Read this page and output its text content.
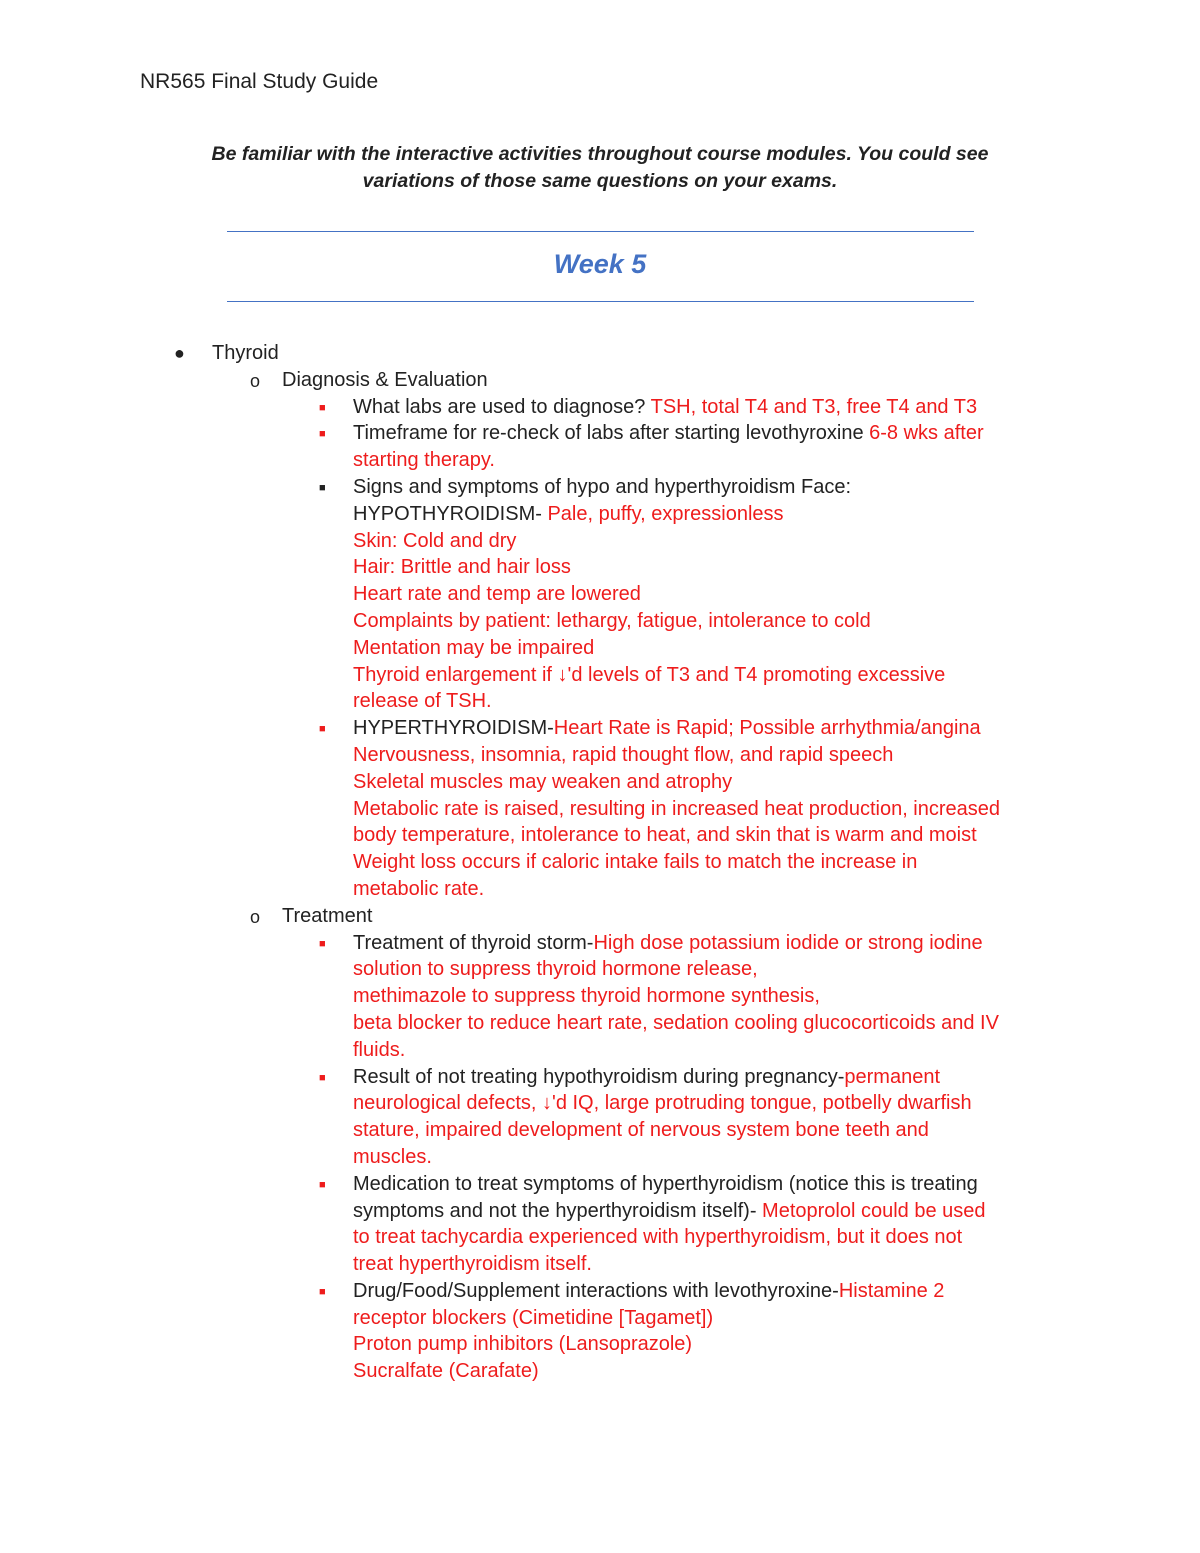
NR565 Final Study Guide
Be familiar with the interactive activities throughout course modules. You could see
variations of those same questions on your exams.
Week 5
● Thyroid
o Diagnosis & Evaluation
■ What labs are used to diagnose? TSH, total T4 and T3, free T4 and T3
■ Timeframe for re-check of labs after starting levothyroxine 6-8 wks after
starting therapy.
■ Signs and symptoms of hypo and hyperthyroidism Face:
HYPOTHYROIDISM- Pale, puffy, expressionless
Skin: Cold and dry
Hair: Brittle and hair loss
Heart rate and temp are lowered
Complaints by patient: lethargy, fatigue, intolerance to cold
Mentation may be impaired
Thyroid enlargement if ↓'d levels of T3 and T4 promoting excessive
release of TSH.
■ HYPERTHYROIDISM-Heart Rate is Rapid; Possible arrhythmia/angina
Nervousness, insomnia, rapid thought flow, and rapid speech
Skeletal muscles may weaken and atrophy
Metabolic rate is raised, resulting in increased heat production, increased
body temperature, intolerance to heat, and skin that is warm and moist
Weight loss occurs if caloric intake fails to match the increase in
metabolic rate.
o Treatment
■ Treatment of thyroid storm-High dose potassium iodide or strong iodine
solution to suppress thyroid hormone release,
methimazole to suppress thyroid hormone synthesis,
beta blocker to reduce heart rate, sedation cooling glucocorticoids and IV
fluids.
■ Result of not treating hypothyroidism during pregnancy-permanent
neurological defects, ↓'d IQ, large protruding tongue, potbelly dwarfish
stature, impaired development of nervous system bone teeth and
muscles.
■ Medication to treat symptoms of hyperthyroidism (notice this is treating
symptoms and not the hyperthyroidism itself)- Metoprolol could be used
to treat tachycardia experienced with hyperthyroidism, but it does not
treat hyperthyroidism itself.
■ Drug/Food/Supplement interactions with levothyroxine-Histamine 2
receptor blockers (Cimetidine [Tagamet])
Proton pump inhibitors (Lansoprazole)
Sucralfate (Carafate)
